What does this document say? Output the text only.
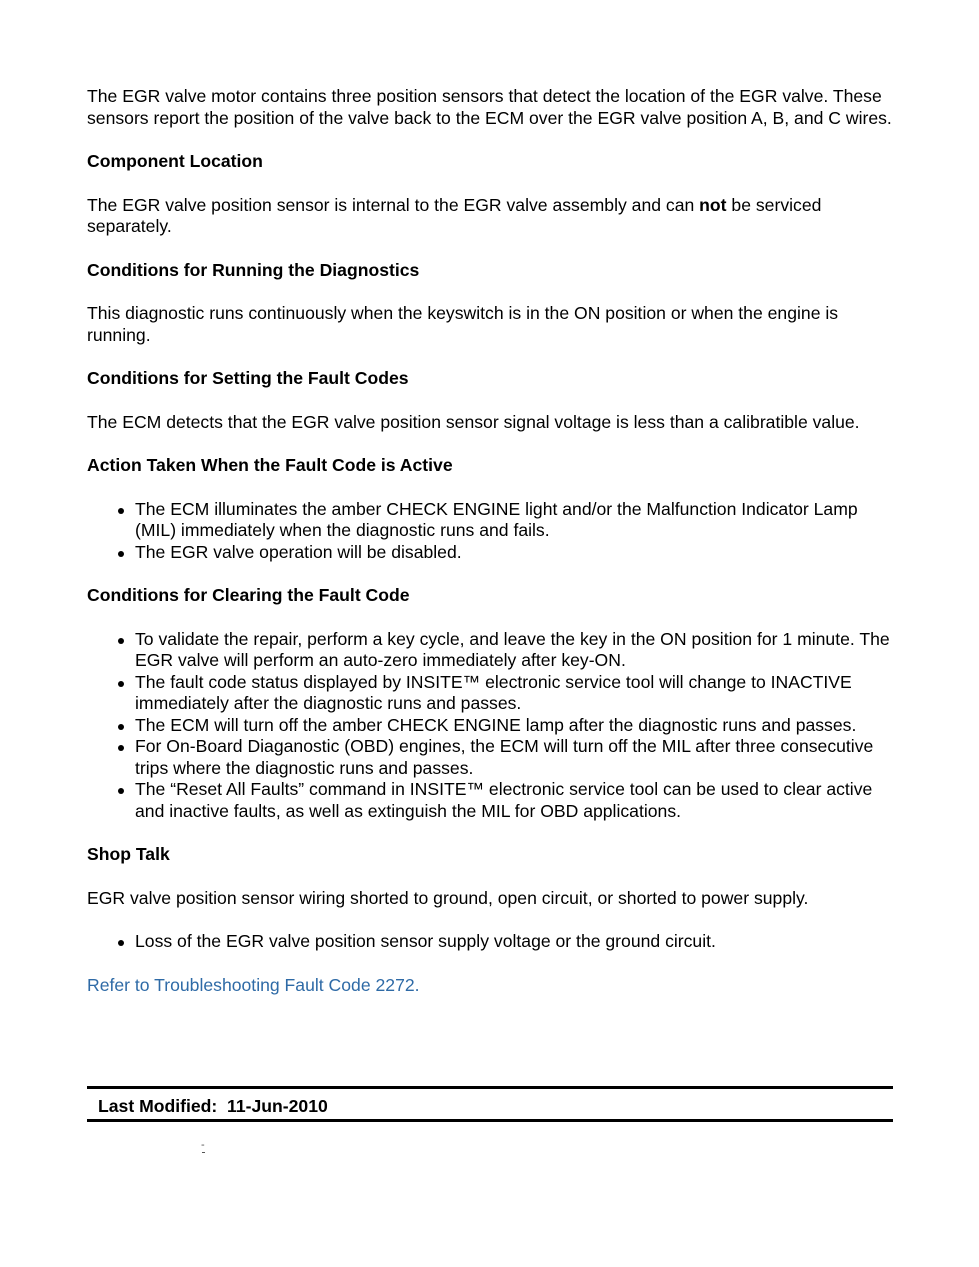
The EGR valve motor contains three position sensors that detect the location of the EGR valve. These sensors report the position of the valve back to the ECM over the EGR valve position A, B, and C wires.

Component Location

The EGR valve position sensor is internal to the EGR valve assembly and can not be serviced separately.

Conditions for Running the Diagnostics

This diagnostic runs continuously when the keyswitch is in the ON position or when the engine is running.

Conditions for Setting the Fault Codes

The ECM detects that the EGR valve position sensor signal voltage is less than a calibratible value.

Action Taken When the Fault Code is Active

The ECM illuminates the amber CHECK ENGINE light and/or the Malfunction Indicator Lamp (MIL) immediately when the diagnostic runs and fails.
The EGR valve operation will be disabled.

Conditions for Clearing the Fault Code

To validate the repair, perform a key cycle, and leave the key in the ON position for 1 minute. The EGR valve will perform an auto-zero immediately after key-ON.
The fault code status displayed by INSITE™ electronic service tool will change to INACTIVE immediately after the diagnostic runs and passes.
The ECM will turn off the amber CHECK ENGINE lamp after the diagnostic runs and passes.
For On-Board Diaganostic (OBD) engines, the ECM will turn off the MIL after three consecutive trips where the diagnostic runs and passes.
The “Reset All Faults” command in INSITE™ electronic service tool can be used to clear active and inactive faults, as well as extinguish the MIL for OBD applications.

Shop Talk

EGR valve position sensor wiring shorted to ground, open circuit, or shorted to power supply.

Loss of the EGR valve position sensor supply voltage or the ground circuit.
Refer to Troubleshooting Fault Code 2272.
Last Modified: 11-Jun-2010
-
